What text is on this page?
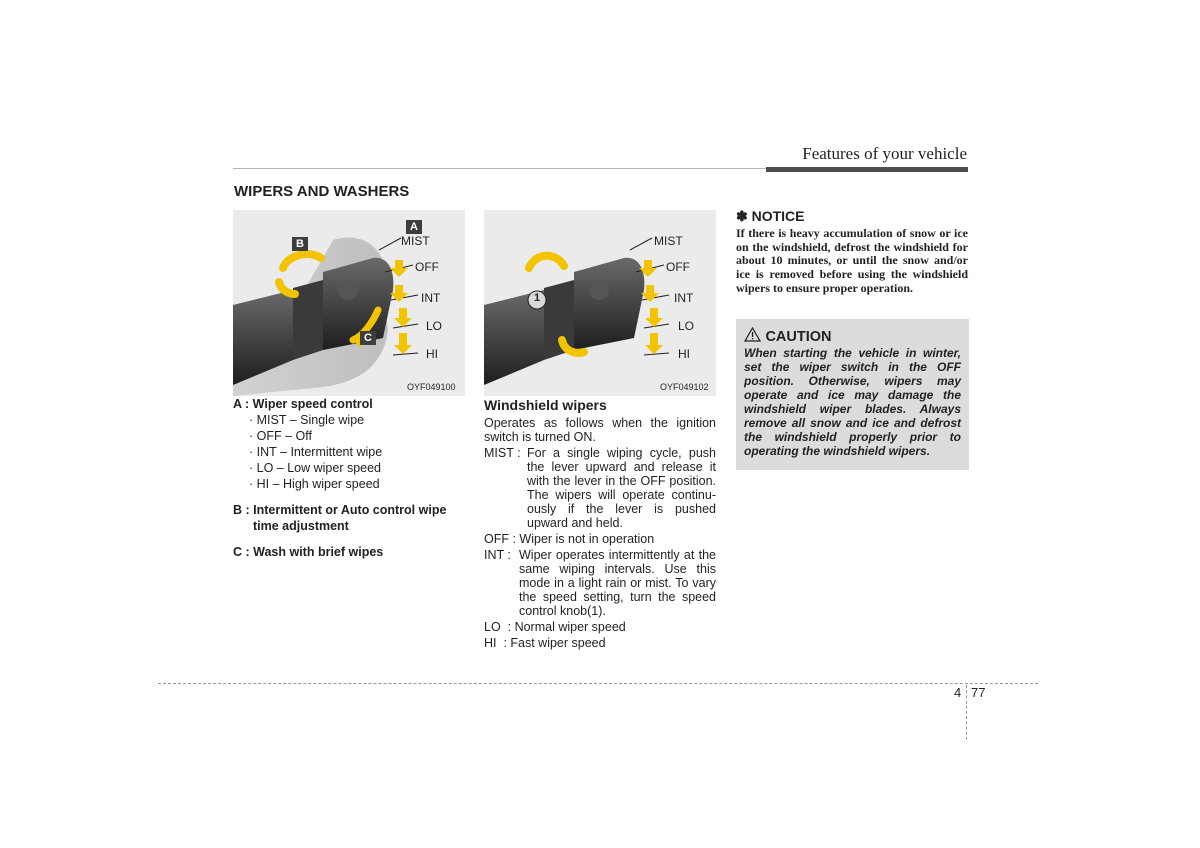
Features of your vehicle
WIPERS AND WASHERS
A
B
C
MIST
OFF
INT
LO
HI
OYF049100
1
MIST
OFF
INT
LO
HI
OYF049102
A : Wiper speed control
· MIST – Single wipe
· OFF – Off
· INT – Intermittent wipe
· LO – Low wiper speed
· HI – High wiper speed
B : Intermittent or Auto control wipe
time adjustment
C : Wash with brief wipes
Windshield wipers
Operates as follows when the ignition switch is turned ON.
MIST : For a single wiping cycle, push the lever upward and release it with the lever in the OFF position. The wipers will operate continu-ously if the lever is pushed upward and held.
OFF : Wiper is not in operation
INT : Wiper operates intermittently at the same wiping intervals. Use this mode in a light rain or mist. To vary the speed setting, turn the speed control knob(1).
LO  : Normal wiper speed
HI  : Fast wiper speed
✽ NOTICE
If there is heavy accumulation of snow or ice on the windshield, defrost the windshield for about 10 minutes, or until the snow and/or ice is removed before using the windshield wipers to ensure proper operation.
CAUTION
When starting the vehicle in winter, set the wiper switch in the OFF position. Otherwise, wipers may operate and ice may damage the windshield wiper blades. Always remove all snow and ice and defrost the windshield properly prior to operating the windshield wipers.
4 77
